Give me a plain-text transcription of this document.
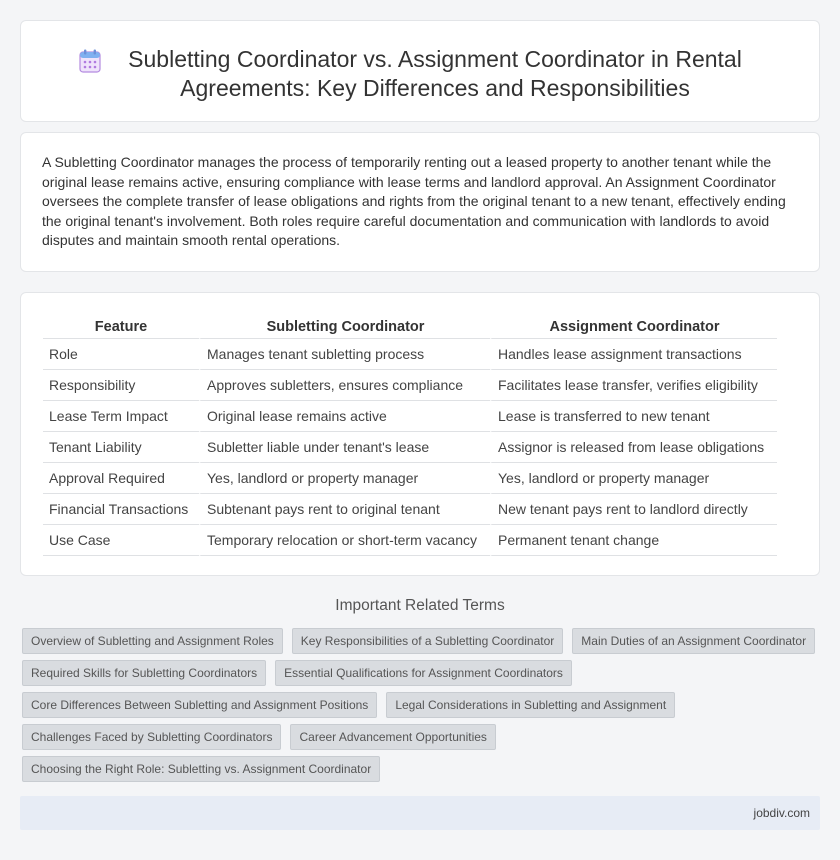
Subletting Coordinator vs. Assignment Coordinator in Rental Agreements: Key Differences and Responsibilities

A Subletting Coordinator manages the process of temporarily renting out a leased property to another tenant while the original lease remains active, ensuring compliance with lease terms and landlord approval. An Assignment Coordinator oversees the complete transfer of lease obligations and rights from the original tenant to a new tenant, effectively ending the original tenant's involvement. Both roles require careful documentation and communication with landlords to avoid disputes and maintain smooth rental operations.

Feature	Subletting Coordinator	Assignment Coordinator
Role	Manages tenant subletting process	Handles lease assignment transactions
Responsibility	Approves subletters, ensures compliance	Facilitates lease transfer, verifies eligibility
Lease Term Impact	Original lease remains active	Lease is transferred to new tenant
Tenant Liability	Subletter liable under tenant's lease	Assignor is released from lease obligations
Approval Required	Yes, landlord or property manager	Yes, landlord or property manager
Financial Transactions	Subtenant pays rent to original tenant	New tenant pays rent to landlord directly
Use Case	Temporary relocation or short-term vacancy	Permanent tenant change
Important Related Terms
Overview of Subletting and Assignment Roles	Key Responsibilities of a Subletting Coordinator	Main Duties of an Assignment Coordinator
Required Skills for Subletting Coordinators	Essential Qualifications for Assignment Coordinators
Core Differences Between Subletting and Assignment Positions	Legal Considerations in Subletting and Assignment
Challenges Faced by Subletting Coordinators	Career Advancement Opportunities
Choosing the Right Role: Subletting vs. Assignment Coordinator
jobdiv.com
